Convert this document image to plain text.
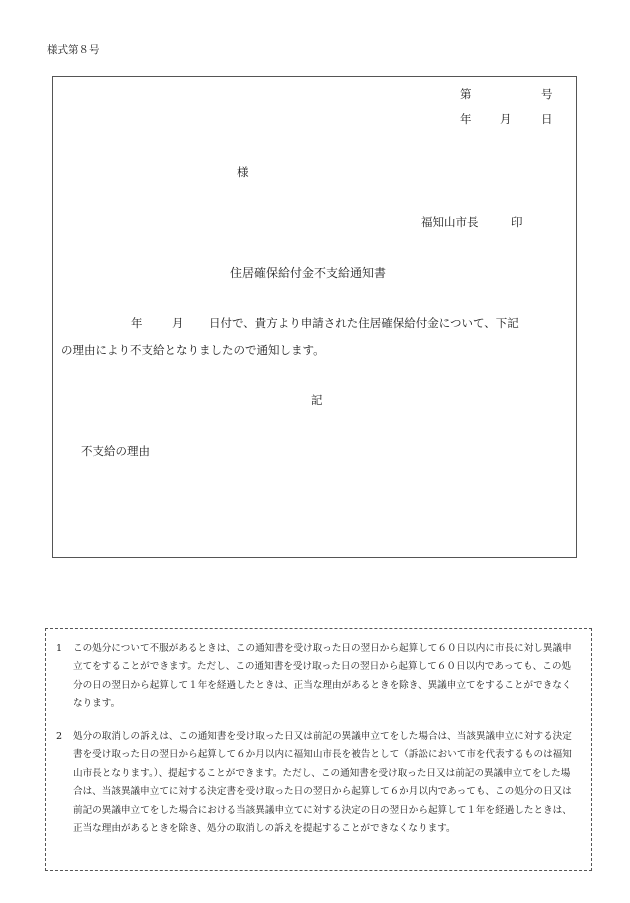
様式第８号
第	号
年 月	日
様
福知山市長	印
住居確保給付金不支給通知書
年	月 日付で、貴方より申請された住居確保給付金について、下記
の理由により不支給となりましたので通知します。
記
不支給の理由
1 この処分について不服があるときは、この通知書を受け取った日の翌日から起算して６０日以内に市長に対し異議申立てをすることができます。ただし、この通知書を受け取った日の翌日から起算して６０日以内であっても、この処分の日の翌日から起算して１年を経過したときは、正当な理由があるときを除き、異議申立てをすることができなくなります。
2 処分の取消しの訴えは、この通知書を受け取った日又は前記の異議申立てをした場合は、当該異議申立に対する決定書を受け取った日の翌日から起算して６か月以内に福知山市長を被告として（訴訟において市を代表するものは福知山市長となります。）、提起することができます。ただし、この通知書を受け取った日又は前記の異議申立てをした場合は、当該異議申立てに対する決定書を受け取った日の翌日から起算して６か月以内であっても、この処分の日又は前記の異議申立てをした場合における当該異議申立てに対する決定の日の翌日から起算して１年を経過したときは、正当な理由があるときを除き、処分の取消しの訴えを提起することができなくなります。
